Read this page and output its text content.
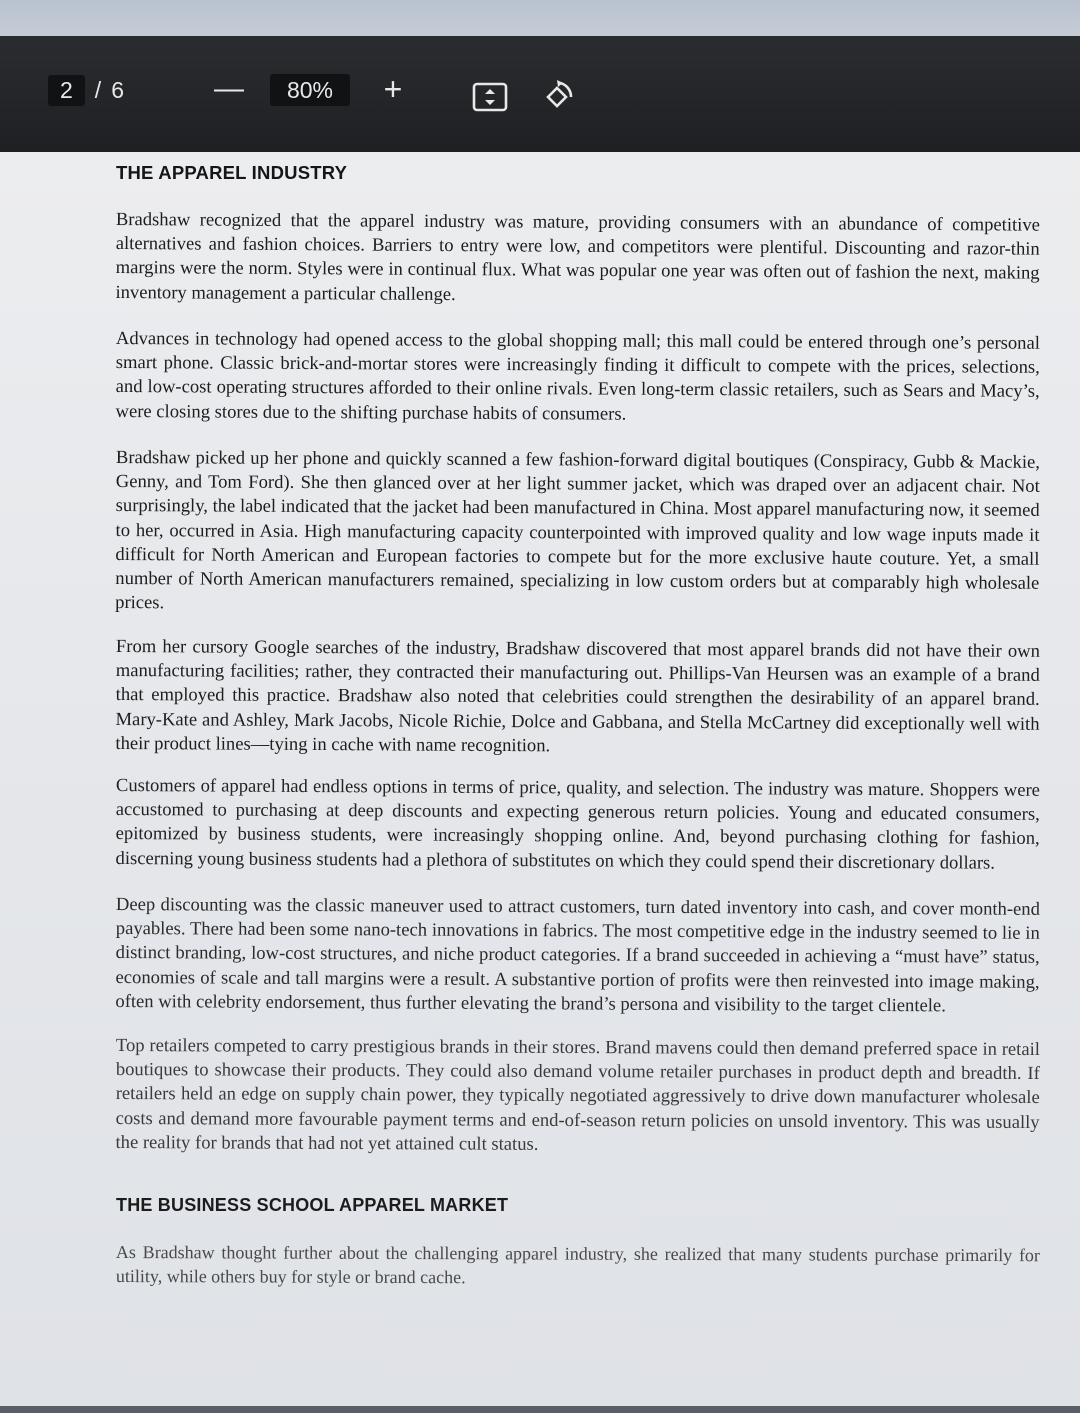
2 / 6	—	80%	+
THE APPAREL INDUSTRY

Bradshaw recognized that the apparel industry was mature, providing consumers with an abundance of competitive alternatives and fashion choices. Barriers to entry were low, and competitors were plentiful. Discounting and razor-thin margins were the norm. Styles were in continual flux. What was popular one year was often out of fashion the next, making inventory management a particular challenge.

Advances in technology had opened access to the global shopping mall; this mall could be entered through one’s personal smart phone. Classic brick-and-mortar stores were increasingly finding it difficult to compete with the prices, selections, and low-cost operating structures afforded to their online rivals. Even long-term classic retailers, such as Sears and Macy’s, were closing stores due to the shifting purchase habits of consumers.

Bradshaw picked up her phone and quickly scanned a few fashion-forward digital boutiques (Conspiracy, Gubb & Mackie, Genny, and Tom Ford). She then glanced over at her light summer jacket, which was draped over an adjacent chair. Not surprisingly, the label indicated that the jacket had been manufactured in China. Most apparel manufacturing now, it seemed to her, occurred in Asia. High manufacturing capacity counterpointed with improved quality and low wage inputs made it difficult for North American and European factories to compete but for the more exclusive haute couture. Yet, a small number of North American manufacturers remained, specializing in low custom orders but at comparably high wholesale prices.

From her cursory Google searches of the industry, Bradshaw discovered that most apparel brands did not have their own manufacturing facilities; rather, they contracted their manufacturing out. Phillips-Van Heursen was an example of a brand that employed this practice. Bradshaw also noted that celebrities could strengthen the desirability of an apparel brand. Mary-Kate and Ashley, Mark Jacobs, Nicole Richie, Dolce and Gabbana, and Stella McCartney did exceptionally well with their product lines—tying in cache with name recognition.

Customers of apparel had endless options in terms of price, quality, and selection. The industry was mature. Shoppers were accustomed to purchasing at deep discounts and expecting generous return policies. Young and educated consumers, epitomized by business students, were increasingly shopping online. And, beyond purchasing clothing for fashion, discerning young business students had a plethora of substitutes on which they could spend their discretionary dollars.

Deep discounting was the classic maneuver used to attract customers, turn dated inventory into cash, and cover month-end payables. There had been some nano-tech innovations in fabrics. The most competitive edge in the industry seemed to lie in distinct branding, low-cost structures, and niche product categories. If a brand succeeded in achieving a “must have” status, economies of scale and tall margins were a result. A substantive portion of profits were then reinvested into image making, often with celebrity endorsement, thus further elevating the brand’s persona and visibility to the target clientele.

Top retailers competed to carry prestigious brands in their stores. Brand mavens could then demand preferred space in retail boutiques to showcase their products. They could also demand volume retailer purchases in product depth and breadth. If retailers held an edge on supply chain power, they typically negotiated aggressively to drive down manufacturer wholesale costs and demand more favourable payment terms and end-of-season return policies on unsold inventory. This was usually the reality for brands that had not yet attained cult status.

THE BUSINESS SCHOOL APPAREL MARKET

As Bradshaw thought further about the challenging apparel industry, she realized that many students purchase primarily for utility, while others buy for style or brand cache.
